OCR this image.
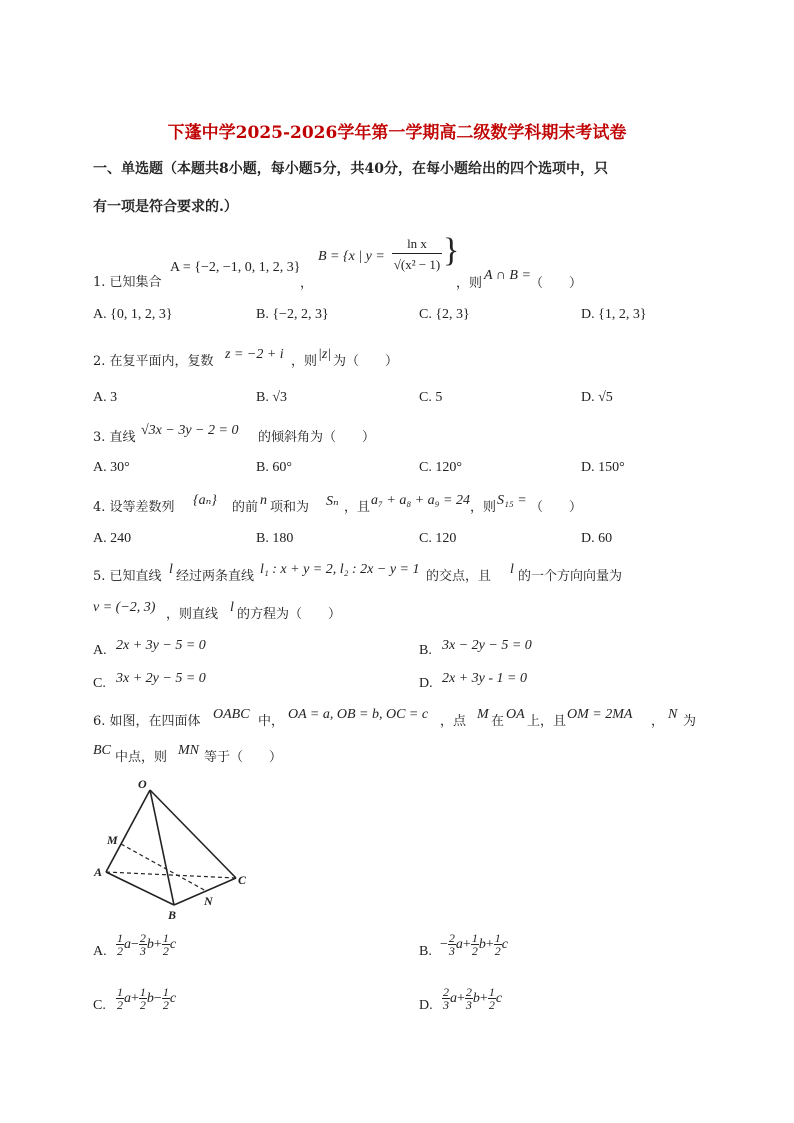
下蓬中学2025-2026学年第一学期高二级数学科期末考试卷
一、单选题（本题共8小题，每小题5分，共40分，在每小题给出的四个选项中，只
有一项是符合要求的.）
1. 已知集合
A = {−2, −1, 0, 1, 2, 3}
，
B = {x | y =
ln x
√(x² − 1) }
，则
A ∩ B =
（　　）
A. {0, 1, 2, 3}	B. {−2, 2, 3}	C. {2, 3}	D. {1, 2, 3}
2. 在复平面内，复数 z = −2 + i ，则 |z| 为（　　）
A. 3	B. √3	C. 5	D. √5
3. 直线 √3x − 3y − 2 = 0 的倾斜角为（　　）
A. 30°	B. 60°	C. 120°	D. 150°
4. 设等差数列 {aₙ} 的前 n 项和为 Sₙ ，且 a₇ + a₈ + a₉ = 24 ，则 S₁₅ = （　　）
A. 240	B. 180	C. 120	D. 60
5. 已知直线 l 经过两条直线 l₁ : x + y = 2, l₂ : 2x − y = 1 的交点，且 l 的一个方向向量为
v = (−2, 3) ，则直线 l 的方程为（　　）
A. 2x + 3y − 5 = 0	B. 3x − 2y − 5 = 0
C. 3x + 2y − 5 = 0	D. 2x + 3y - 1 = 0
6. 如图，在四面体 OABC 中， OA = a, OB = b, OC = c ，点 M 在 OA 上，且 OM = 2MA ， N 为
BC 中点，则 MN 等于（　　）
O
M
A
B
N
C
A. $\frac{1}{2} a- \frac{2}{3} b+ \frac{1}{2}$ c	B. − $\frac{2}{3} a+ \frac{1}{2} b+ \frac{1}{2}$ c
C. $\frac{1}{2} a+ \frac{1}{2} b- \frac{1}{2}$ c	D. $\frac{2}{3} a+ \frac{2}{3} b+ \frac{1}{2}$ c
